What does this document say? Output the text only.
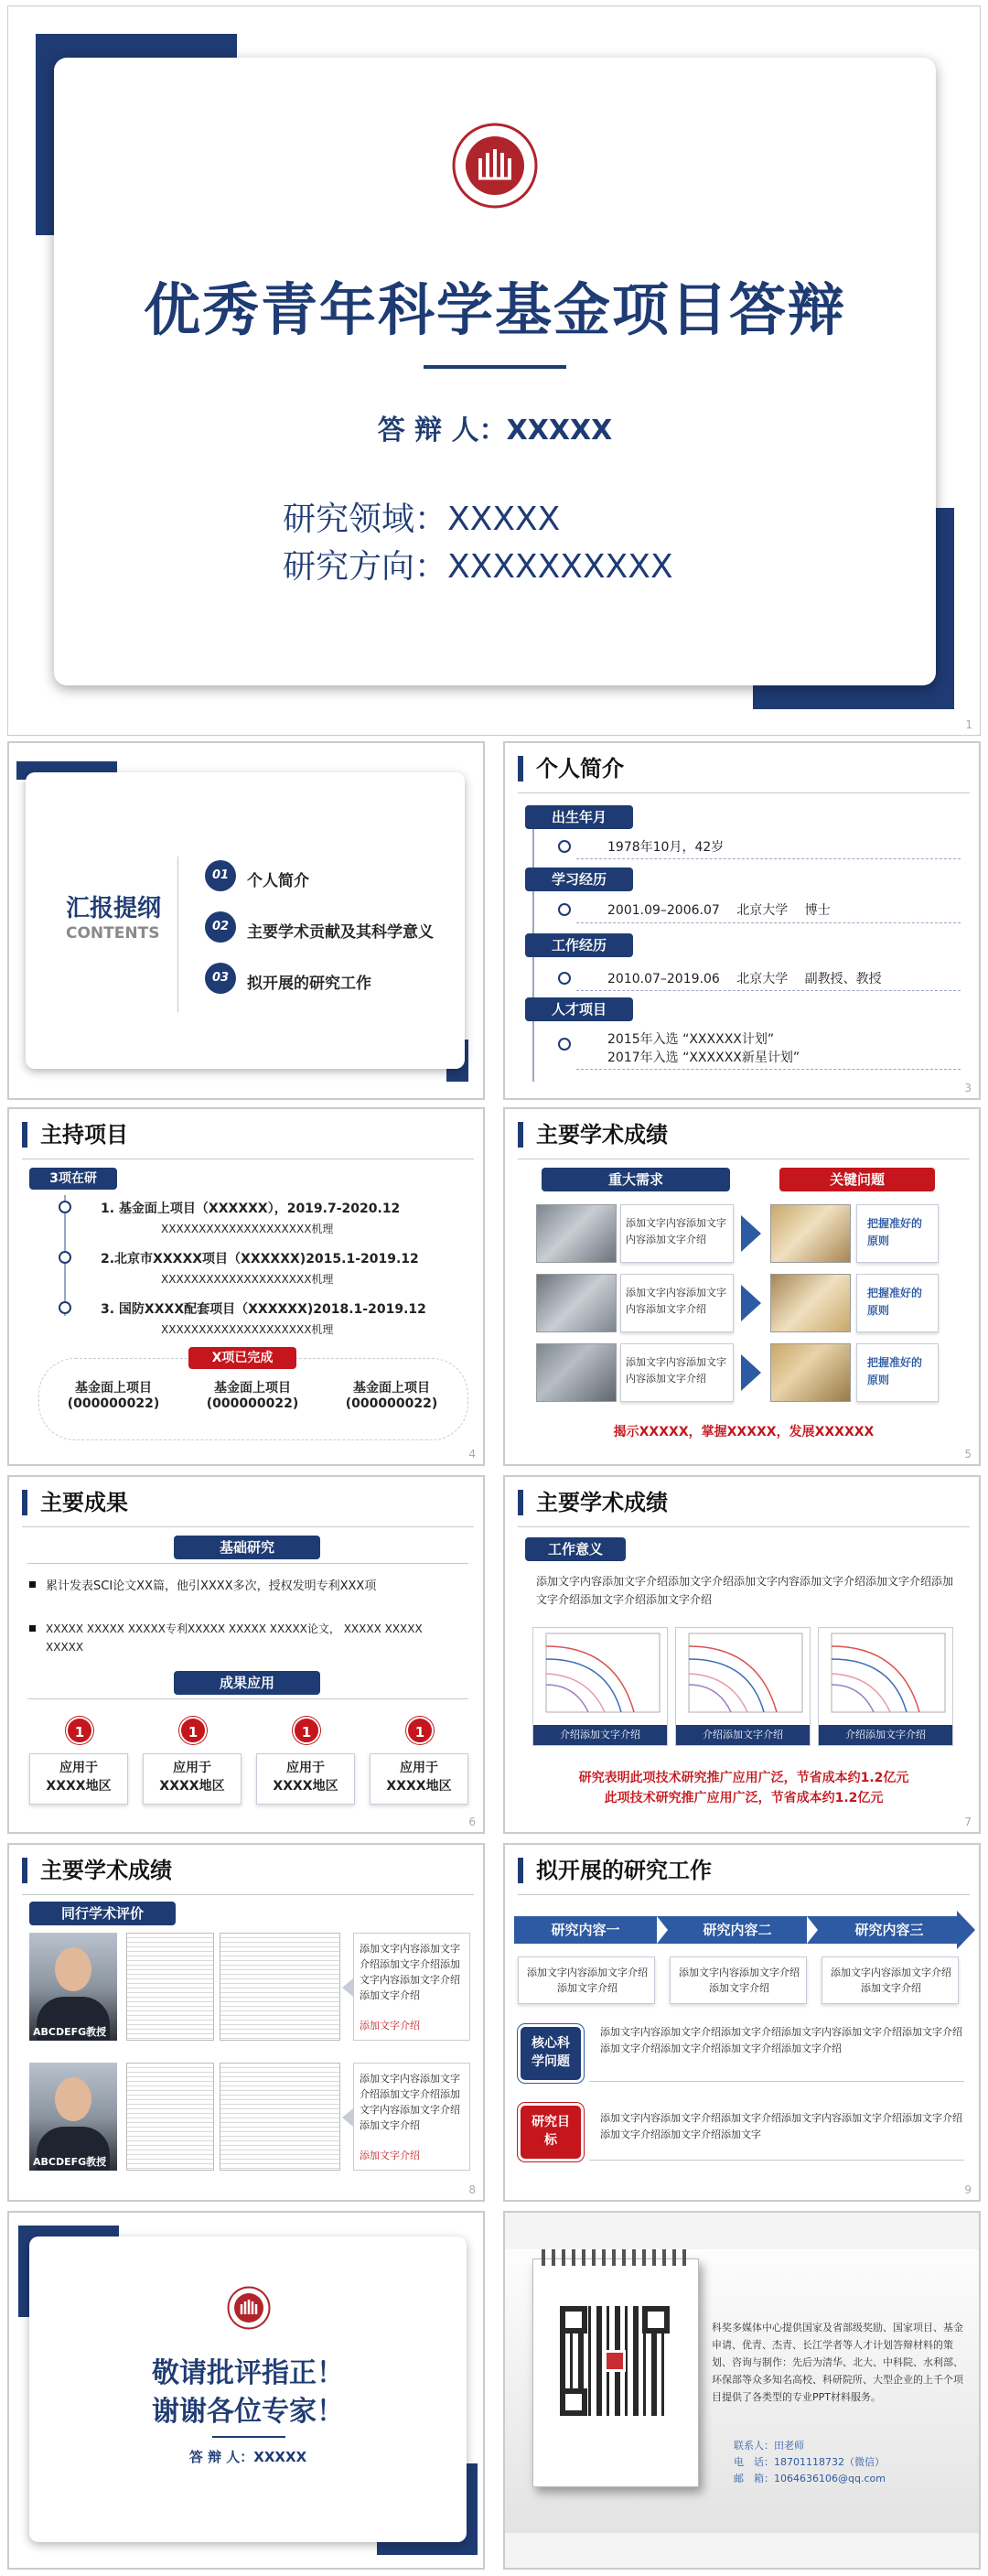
优秀青年科学基金项目答辩
答 辩 人：XXXXX
研究领域：XXXXX
研究方向：XXXXXXXXXX
1
汇报提纲
CONTENTS
01	个人简介
02	主要学术贡献及其科学意义
03	拟开展的研究工作
个人简介
出生年月
1978年10月，42岁
学习经历
2001.09–2006.07　 北京大学　 博士
工作经历
2010.07–2019.06　 北京大学　 副教授、教授
人才项目
2015年入选 “XXXXXX计划”
2017年入选 “XXXXXX新星计划”
3
主持项目
3项在研
1. 基金面上项目（XXXXXX），2019.7-2020.12
XXXXXXXXXXXXXXXXXXXX机理
2.北京市XXXXX项目（XXXXXX)2015.1-2019.12
XXXXXXXXXXXXXXXXXXXX机理
3. 国防XXXX配套项目（XXXXXX)2018.1-2019.12
XXXXXXXXXXXXXXXXXXXX机理
X项已完成
基金面上项目
(000000022)
基金面上项目
(000000022)
基金面上项目
(000000022)
4
主要学术成绩
重大需求	关键问题
添加文字内容添加文字内容添加文字介绍
把握准好的原则
添加文字内容添加文字内容添加文字介绍
把握准好的原则
添加文字内容添加文字内容添加文字介绍
把握准好的原则
揭示XXXXX，掌握XXXXX，发展XXXXXX
5
主要成果
基础研究
累计发表SCI论文XX篇，他引XXXX多次，授权发明专利XXX项
XXXXX XXXXX XXXXX专利XXXXX XXXXX XXXXX论文， XXXXX XXXXX XXXXX
成果应用
1
应用于XXXX地区
1
应用于XXXX地区
1
应用于XXXX地区
1
应用于XXXX地区
6
主要学术成绩
工作意义
添加文字内容添加文字介绍添加文字介绍添加文字内容添加文字介绍添加文字介绍添加文字介绍添加文字介绍添加文字介绍
介绍添加文字介绍	介绍添加文字介绍	介绍添加文字介绍
研究表明此项技术研究推广应用广泛，节省成本约1.2亿元
此项技术研究推广应用广泛，节省成本约1.2亿元
7
主要学术成绩
同行学术评价
ABCDEFG教授
添加文字内容添加文字介绍添加文字介绍添加文字内容添加文字介绍添加文字介绍
添加文字介绍
ABCDEFG教授
添加文字内容添加文字介绍添加文字介绍添加文字内容添加文字介绍添加文字介绍
添加文字介绍
8
拟开展的研究工作
研究内容一	研究内容二	研究内容三
添加文字内容添加文字介绍添加文字介绍
添加文字内容添加文字介绍添加文字介绍
添加文字内容添加文字介绍添加文字介绍
核心科学问题
添加文字内容添加文字介绍添加文字介绍添加文字内容添加文字介绍添加文字介绍添加文字介绍添加文字介绍添加文字介绍添加文字介绍
研究目标
添加文字内容添加文字介绍添加文字介绍添加文字内容添加文字介绍添加文字介绍添加文字介绍添加文字介绍添加文字
9
敬请批评指正！
谢谢各位专家！
答 辩 人：XXXXX
科奖多媒体中心提供国家及省部级奖励、国家项目、基金申请、优青、杰青、长江学者等人才计划答辩材料的策划、咨询与制作：先后为清华、北大、中科院、水利部、环保部等众多知名高校、科研院所、大型企业的上千个项目提供了各类型的专业PPT材料服务。
联系人：田老师
电　话：18701118732（微信）
邮　箱：1064636106@qq.com
